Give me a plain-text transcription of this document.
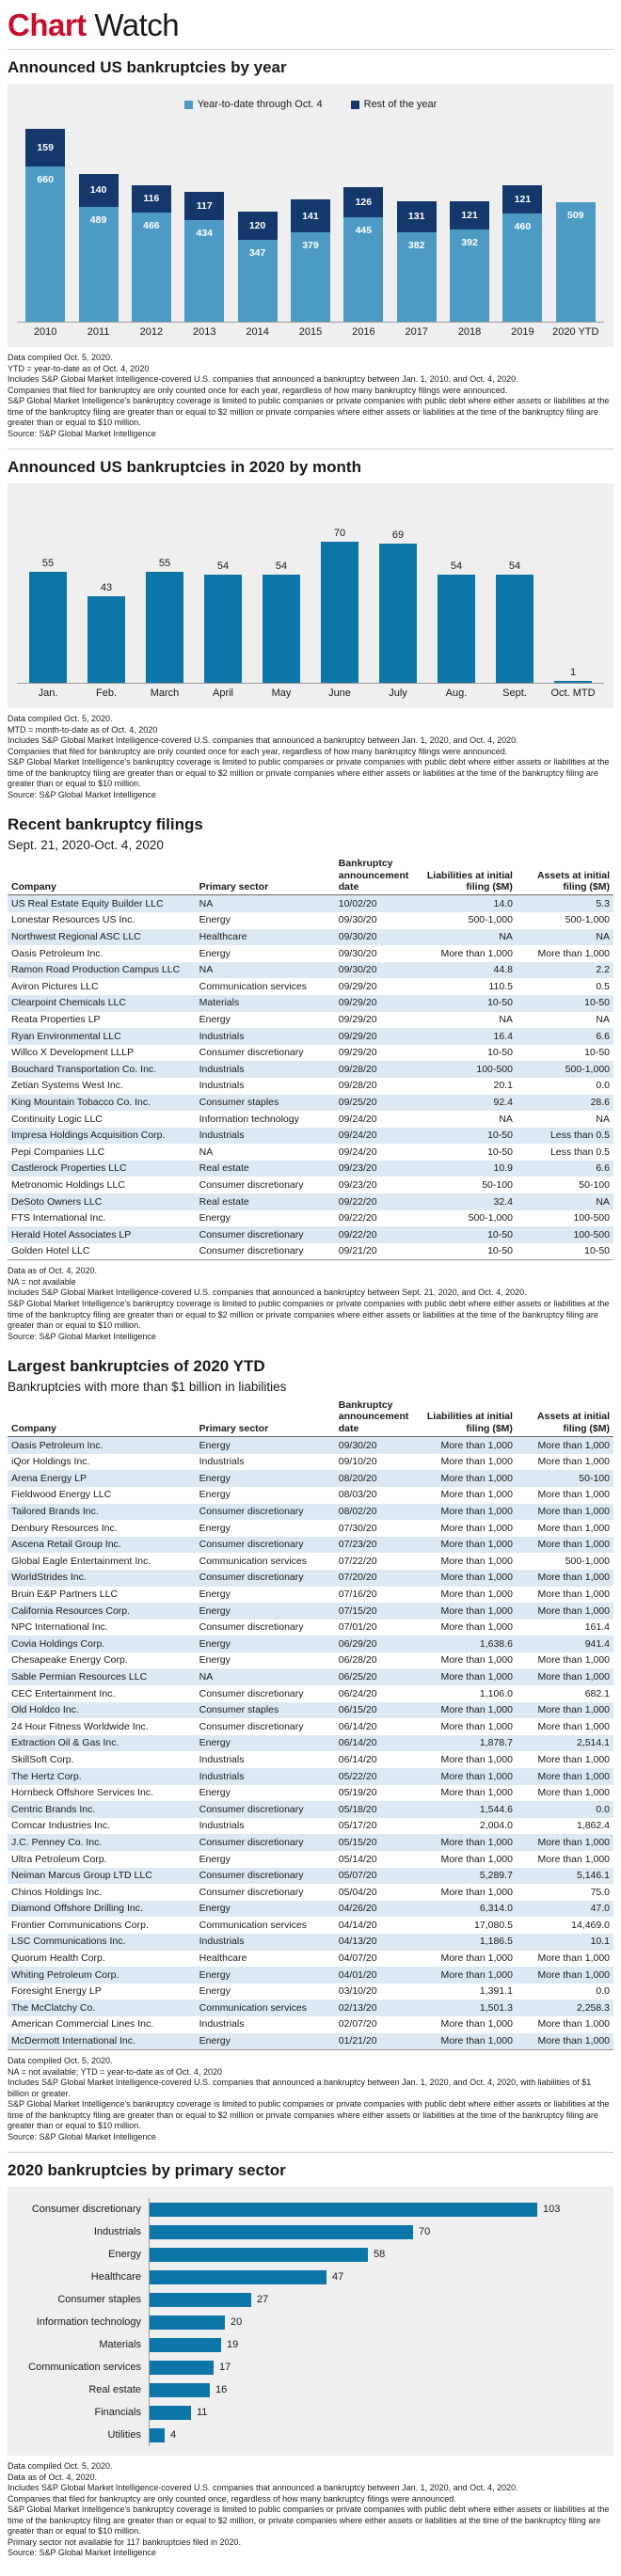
Chart Watch
Announced US bankruptcies by year
Year-to-date through Oct. 4	Rest of the year
159
660
140
489
116
466
117
434
120
347
141
379
126
445
131
382
121
392
121
460
509
2010	2011	2012	2013	2014	2015	2016	2017	2018	2019	2020 YTD
Data compiled Oct. 5, 2020.
YTD = year-to-date as of Oct. 4, 2020
Includes S&P Global Market Intelligence-covered U.S. companies that announced a bankruptcy between Jan. 1, 2010, and Oct. 4, 2020.
Companies that filed for bankruptcy are only counted once for each year, regardless of how many bankruptcy filings were announced.
S&P Global Market Intelligence's bankruptcy coverage is limited to public companies or private companies with public debt where either assets or liabilities at the time of the bankruptcy filing are greater than or equal to $2 million or private companies where either assets or liabilities at the time of the bankruptcy filing are greater than or equal to $10 million.
Source: S&P Global Market Intelligence
Announced US bankruptcies in 2020 by month
55
43
55	54	54
70	69
54	54
1
Jan.	Feb.	March	April	May	June	July	Aug.	Sept.	Oct. MTD
Data compiled Oct. 5, 2020.
MTD = month-to-date as of Oct. 4, 2020
Includes S&P Global Market Intelligence-covered U.S. companies that announced a bankruptcy between Jan. 1, 2020, and Oct. 4, 2020.
Companies that filed for bankruptcy are only counted once for each year, regardless of how many bankruptcy filings were announced.
S&P Global Market Intelligence's bankruptcy coverage is limited to public companies or private companies with public debt where either assets or liabilities at the time of the bankruptcy filing are greater than or equal to $2 million or private companies where either assets or liabilities at the time of the bankruptcy filing are greater than or equal to $10 million.
Source: S&P Global Market Intelligence
Recent bankruptcy filings
Sept. 21, 2020-Oct. 4, 2020
Company	Primary sector	Bankruptcy announcement date	Liabilities at initial filing ($M)	Assets at initial filing ($M)
US Real Estate Equity Builder LLC	NA	10/02/20	14.0	5.3
Lonestar Resources US Inc.	Energy	09/30/20	500-1,000	500-1,000
Northwest Regional ASC LLC	Healthcare	09/30/20	NA	NA
Oasis Petroleum Inc.	Energy	09/30/20	More than 1,000	More than 1,000
Ramon Road Production Campus LLC	NA	09/30/20	44.8	2.2
Aviron Pictures LLC	Communication services	09/29/20	110.5	0.5
Clearpoint Chemicals LLC	Materials	09/29/20	10-50	10-50
Reata Properties LP	Energy	09/29/20	NA	NA
Ryan Environmental LLC	Industrials	09/29/20	16.4	6.6
Willco X Development LLLP	Consumer discretionary	09/29/20	10-50	10-50
Bouchard Transportation Co. Inc.	Industrials	09/28/20	100-500	500-1,000
Zetian Systems West Inc.	Industrials	09/28/20	20.1	0.0
King Mountain Tobacco Co. Inc.	Consumer staples	09/25/20	92.4	28.6
Continuity Logic LLC	Information technology	09/24/20	NA	NA
Impresa Holdings Acquisition Corp.	Industrials	09/24/20	10-50	Less than 0.5
Pepi Companies LLC	NA	09/24/20	10-50	Less than 0.5
Castlerock Properties LLC	Real estate	09/23/20	10.9	6.6
Metronomic Holdings LLC	Consumer discretionary	09/23/20	50-100	50-100
DeSoto Owners LLC	Real estate	09/22/20	32.4	NA
FTS International Inc.	Energy	09/22/20	500-1,000	100-500
Herald Hotel Associates LP	Consumer discretionary	09/22/20	10-50	100-500
Golden Hotel LLC	Consumer discretionary	09/21/20	10-50	10-50
Data as of Oct. 4, 2020.
NA = not available
Includes S&P Global Market Intelligence-covered U.S. companies that announced a bankruptcy between Sept. 21, 2020, and Oct. 4, 2020.
S&P Global Market Intelligence's bankruptcy coverage is limited to public companies or private companies with public debt where either assets or liabilities at the time of the bankruptcy filing are greater than or equal to $2 million or private companies where either assets or liabilities at the time of the bankruptcy filing are greater than or equal to $10 million.
Source: S&P Global Market Intelligence
Largest bankruptcies of 2020 YTD
Bankruptcies with more than $1 billion in liabilities
Company	Primary sector	Bankruptcy announcement date	Liabilities at initial filing ($M)	Assets at initial filing ($M)
Oasis Petroleum Inc.	Energy	09/30/20	More than 1,000	More than 1,000
iQor Holdings Inc.	Industrials	09/10/20	More than 1,000	More than 1,000
Arena Energy LP	Energy	08/20/20	More than 1,000	50-100
Fieldwood Energy LLC	Energy	08/03/20	More than 1,000	More than 1,000
Tailored Brands Inc.	Consumer discretionary	08/02/20	More than 1,000	More than 1,000
Denbury Resources Inc.	Energy	07/30/20	More than 1,000	More than 1,000
Ascena Retail Group Inc.	Consumer discretionary	07/23/20	More than 1,000	More than 1,000
Global Eagle Entertainment Inc.	Communication services	07/22/20	More than 1,000	500-1,000
WorldStrides Inc.	Consumer discretionary	07/20/20	More than 1,000	More than 1,000
Bruin E&P Partners LLC	Energy	07/16/20	More than 1,000	More than 1,000
California Resources Corp.	Energy	07/15/20	More than 1,000	More than 1,000
NPC International Inc.	Consumer discretionary	07/01/20	More than 1,000	161.4
Covia Holdings Corp.	Energy	06/29/20	1,638.6	941.4
Chesapeake Energy Corp.	Energy	06/28/20	More than 1,000	More than 1,000
Sable Permian Resources LLC	NA	06/25/20	More than 1,000	More than 1,000
CEC Entertainment Inc.	Consumer discretionary	06/24/20	1,106.0	682.1
Old Holdco Inc.	Consumer staples	06/15/20	More than 1,000	More than 1,000
24 Hour Fitness Worldwide Inc.	Consumer discretionary	06/14/20	More than 1,000	More than 1,000
Extraction Oil & Gas Inc.	Energy	06/14/20	1,878.7	2,514.1
SkillSoft Corp.	Industrials	06/14/20	More than 1,000	More than 1,000
The Hertz Corp.	Industrials	05/22/20	More than 1,000	More than 1,000
Hornbeck Offshore Services Inc.	Energy	05/19/20	More than 1,000	More than 1,000
Centric Brands Inc.	Consumer discretionary	05/18/20	1,544.6	0.0
Comcar Industries Inc.	Industrials	05/17/20	2,004.0	1,862.4
J.C. Penney Co. Inc.	Consumer discretionary	05/15/20	More than 1,000	More than 1,000
Ultra Petroleum Corp.	Energy	05/14/20	More than 1,000	More than 1,000
Neiman Marcus Group LTD LLC	Consumer discretionary	05/07/20	5,289.7	5,146.1
Chinos Holdings Inc.	Consumer discretionary	05/04/20	More than 1,000	75.0
Diamond Offshore Drilling Inc.	Energy	04/26/20	6,314.0	47.0
Frontier Communications Corp.	Communication services	04/14/20	17,080.5	14,469.0
LSC Communications Inc.	Industrials	04/13/20	1,186.5	10.1
Quorum Health Corp.	Healthcare	04/07/20	More than 1,000	More than 1,000
Whiting Petroleum Corp.	Energy	04/01/20	More than 1,000	More than 1,000
Foresight Energy LP	Energy	03/10/20	1,391.1	0.0
The McClatchy Co.	Communication services	02/13/20	1,501.3	2,258.3
American Commercial Lines Inc.	Industrials	02/07/20	More than 1,000	More than 1,000
McDermott International Inc.	Energy	01/21/20	More than 1,000	More than 1,000
Data compiled Oct. 5, 2020.
NA = not available; YTD = year-to-date as of Oct. 4, 2020
Includes S&P Global Market Intelligence-covered U.S. companies that announced a bankruptcy between Jan. 1, 2020, and Oct. 4, 2020, with liabilities of $1 billion or greater.
S&P Global Market Intelligence's bankruptcy coverage is limited to public companies or private companies with public debt where either assets or liabilities at the time of the bankruptcy filing are greater than or equal to $2 million or private companies where either assets or liabilities at the time of the bankruptcy filing are greater than or equal to $10 million.
Source: S&P Global Market Intelligence
2020 bankruptcies by primary sector
Consumer discretionary	103
Industrials	70
Energy	58
Healthcare	47
Consumer staples	27
Information technology	20
Materials	19
Communication services	17
Real estate	16
Financials	11
Utilities	4
Data compiled Oct. 5, 2020.
Data as of Oct. 4, 2020.
Includes S&P Global Market Intelligence-covered U.S. companies that announced a bankruptcy between Jan. 1, 2020, and Oct. 4, 2020.
Companies that filed for bankruptcy are only counted once, regardless of how many bankruptcy filings were announced.
S&P Global Market Intelligence's bankruptcy coverage is limited to public companies or private companies with public debt where either assets or liabilities at the time of the bankruptcy filing are greater than or equal to $2 million, or private companies where either assets or liabilities at the time of the bankruptcy filing are greater than or equal to $10 million.
Primary sector not available for 117 bankruptcies filed in 2020.
Source: S&P Global Market Intelligence
